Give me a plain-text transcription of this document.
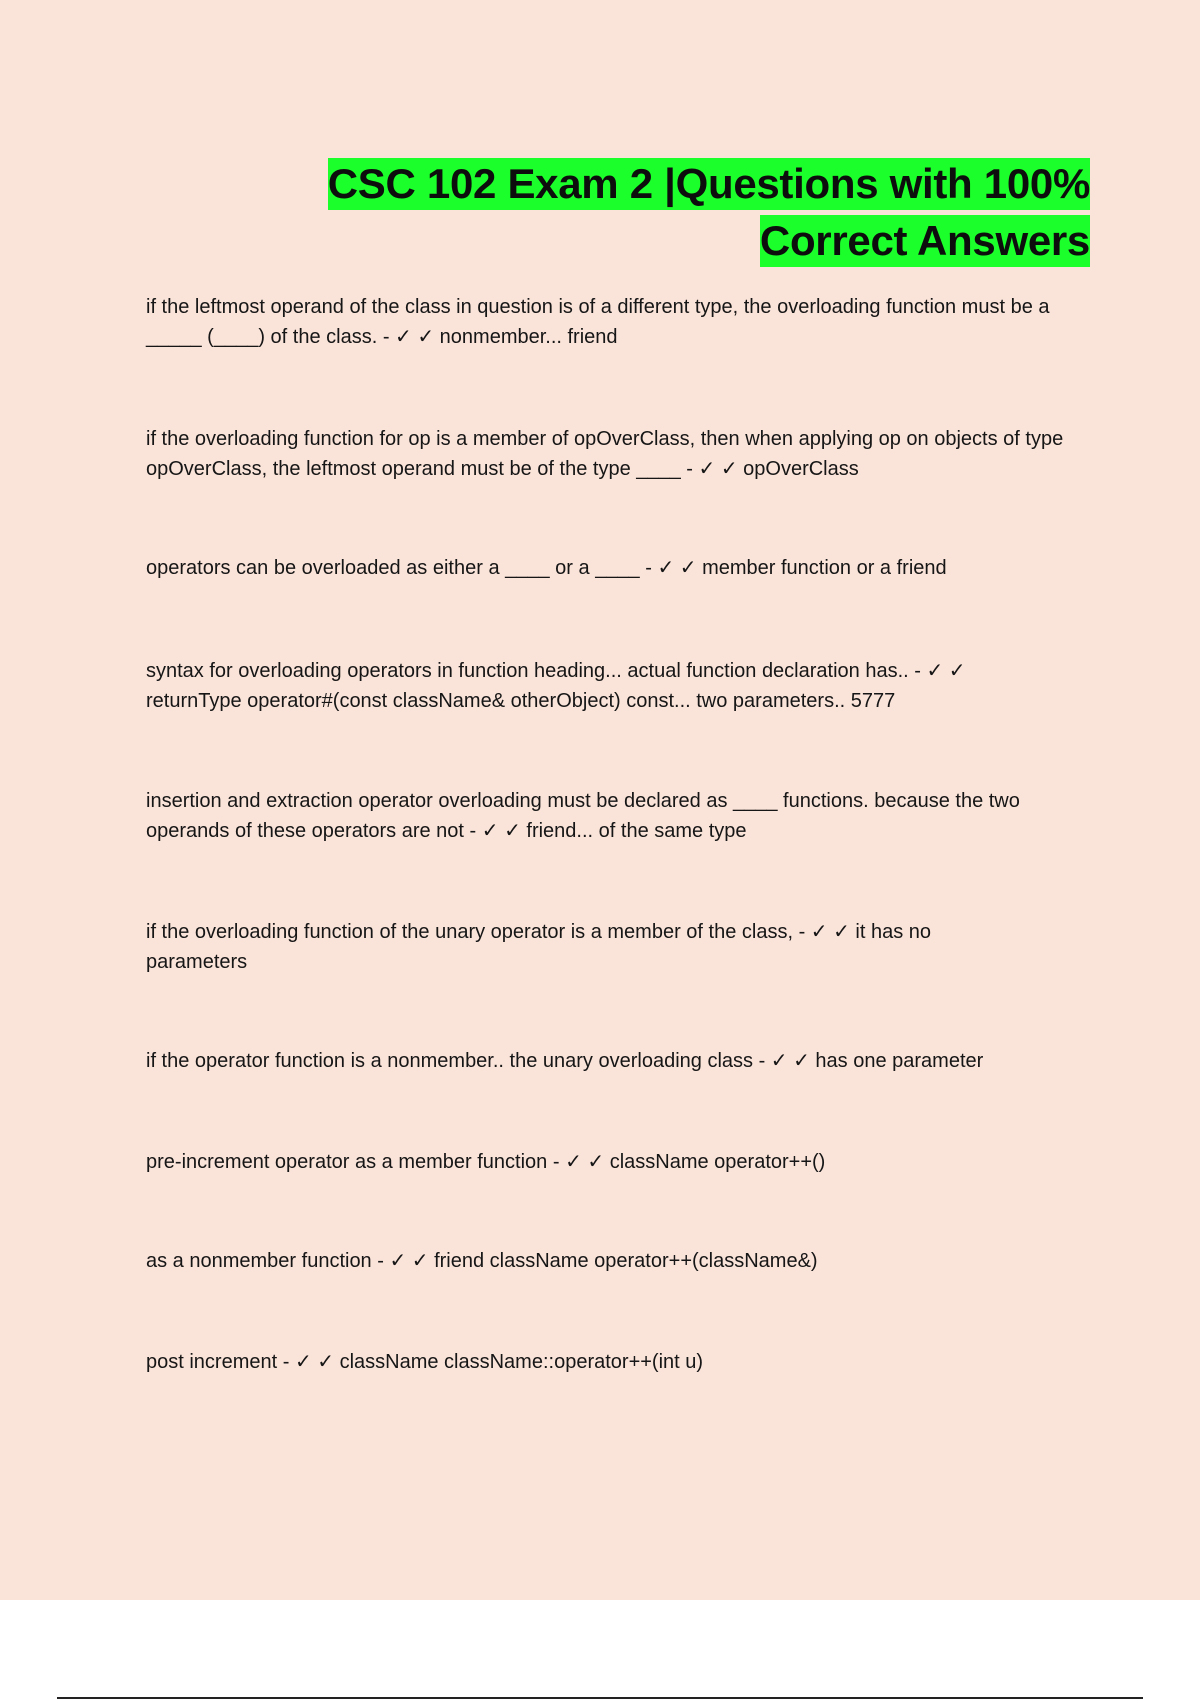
CSC 102 Exam 2 |Questions with 100% Correct Answers

if the leftmost operand of the class in question is of a different type, the overloading function must be a _____ (____) of the class. - ✓ ✓ nonmember... friend

if the overloading function for op is a member of opOverClass, then when applying op on objects of type opOverClass, the leftmost operand must be of the type ____ - ✓ ✓ opOverClass

operators can be overloaded as either a ____ or a ____ - ✓ ✓ member function or a friend

syntax for overloading operators in function heading... actual function declaration has.. - ✓ ✓ returnType operator#(const className& otherObject) const... two parameters.. 5777

insertion and extraction operator overloading must be declared as ____ functions. because the two operands of these operators are not - ✓ ✓ friend... of the same type

if the overloading function of the unary operator is a member of the class, - ✓ ✓ it has no parameters

if the operator function is a nonmember.. the unary overloading class - ✓ ✓ has one parameter

pre-increment operator as a member function - ✓ ✓ className operator++()

as a nonmember function - ✓ ✓ friend className operator++(className&)

post increment - ✓ ✓ className className::operator++(int u)
